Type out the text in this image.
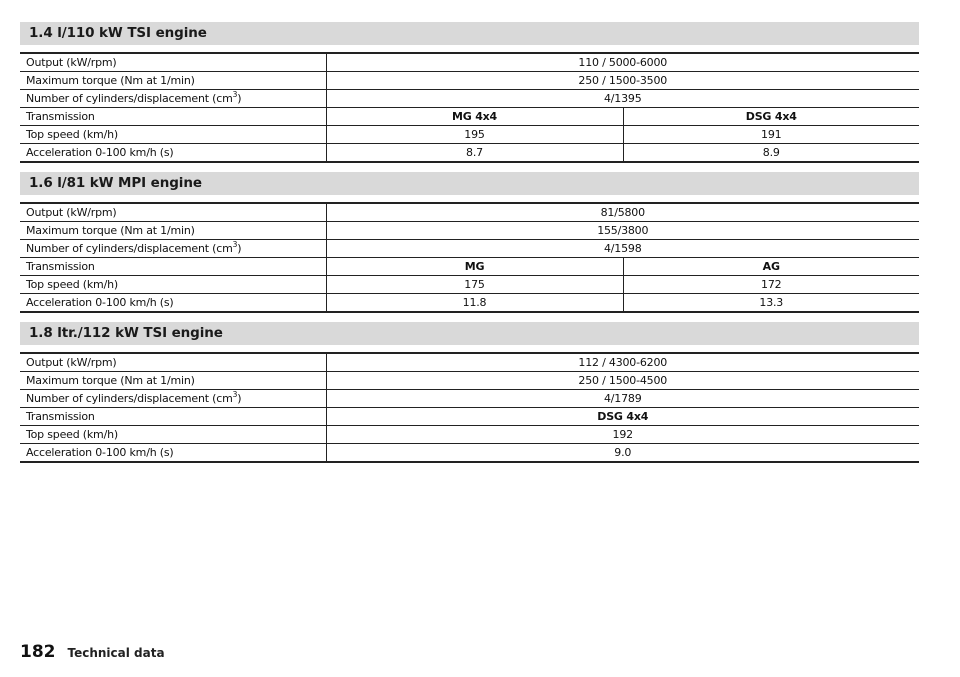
1.4 l/110 kW TSI engine
Output (kW/rpm)	110 / 5000-6000	
Maximum torque (Nm at 1/min)	250 / 1500-3500	
Number of cylinders/displacement $(cm^3)$	4/1395	
Transmission	MG 4x4	DSG 4x4
Top speed (km/h)	195	191
Acceleration 0-100 km/h (s)	8.7	8.9
1.6 l/81 kW MPI engine
Output (kW/rpm)	81/5800	
Maximum torque (Nm at 1/min)	155/3800	
Number of cylinders/displacement $(cm^3)$	4/1598	
Transmission	MG	AG
Top speed (km/h)	175	172
Acceleration 0-100 km/h (s)	11.8	13.3
1.8 ltr./112 kW TSI engine
Output (kW/rpm)	112 / 4300-6200
Maximum torque (Nm at 1/min)	250 / 1500-4500
Number of cylinders/displacement $(cm^3)$	4/1789
Transmission	DSG 4x4
Top speed (km/h)	192
Acceleration 0-100 km/h (s)	9.0
182 Technical data
